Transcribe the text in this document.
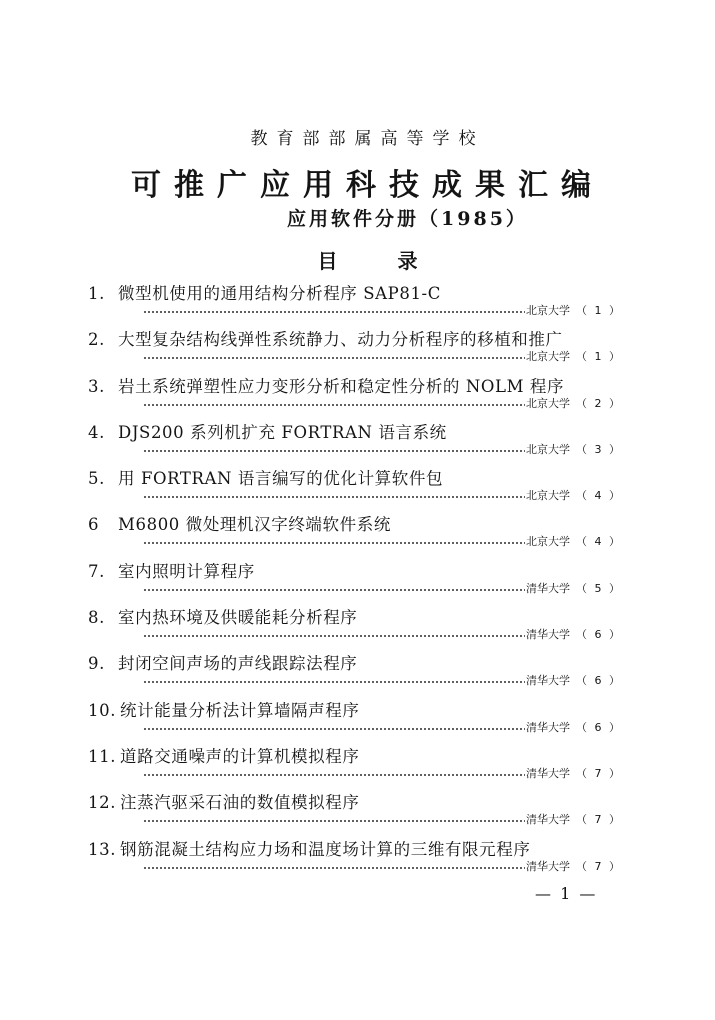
教育部部属高等学校
可推广应用科技成果汇编
应用软件分册（1985）
目录
1. 微型机使用的通用结构分析程序 SAP81-C
北京大学 （ 1 ）
2. 大型复杂结构线弹性系统静力、动力分析程序的移植和推广
北京大学 （ 1 ）
3. 岩土系统弹塑性应力变形分析和稳定性分析的 NOLM 程序
北京大学 （ 2 ）
4. DJS200 系列机扩充 FORTRAN 语言系统
北京大学 （ 3 ）
5. 用 FORTRAN 语言编写的优化计算软件包
北京大学 （ 4 ）
6 M6800 微处理机汉字终端软件系统
北京大学 （ 4 ）
7. 室内照明计算程序
清华大学 （ 5 ）
8. 室内热环境及供暖能耗分析程序
清华大学 （ 6 ）
9. 封闭空间声场的声线跟踪法程序
清华大学 （ 6 ）
10. 统计能量分析法计算墙隔声程序
清华大学 （ 6 ）
11. 道路交通噪声的计算机模拟程序
清华大学 （ 7 ）
12. 注蒸汽驱采石油的数值模拟程序
清华大学 （ 7 ）
13. 钢筋混凝土结构应力场和温度场计算的三维有限元程序
清华大学 （ 7 ）
— 1 —
